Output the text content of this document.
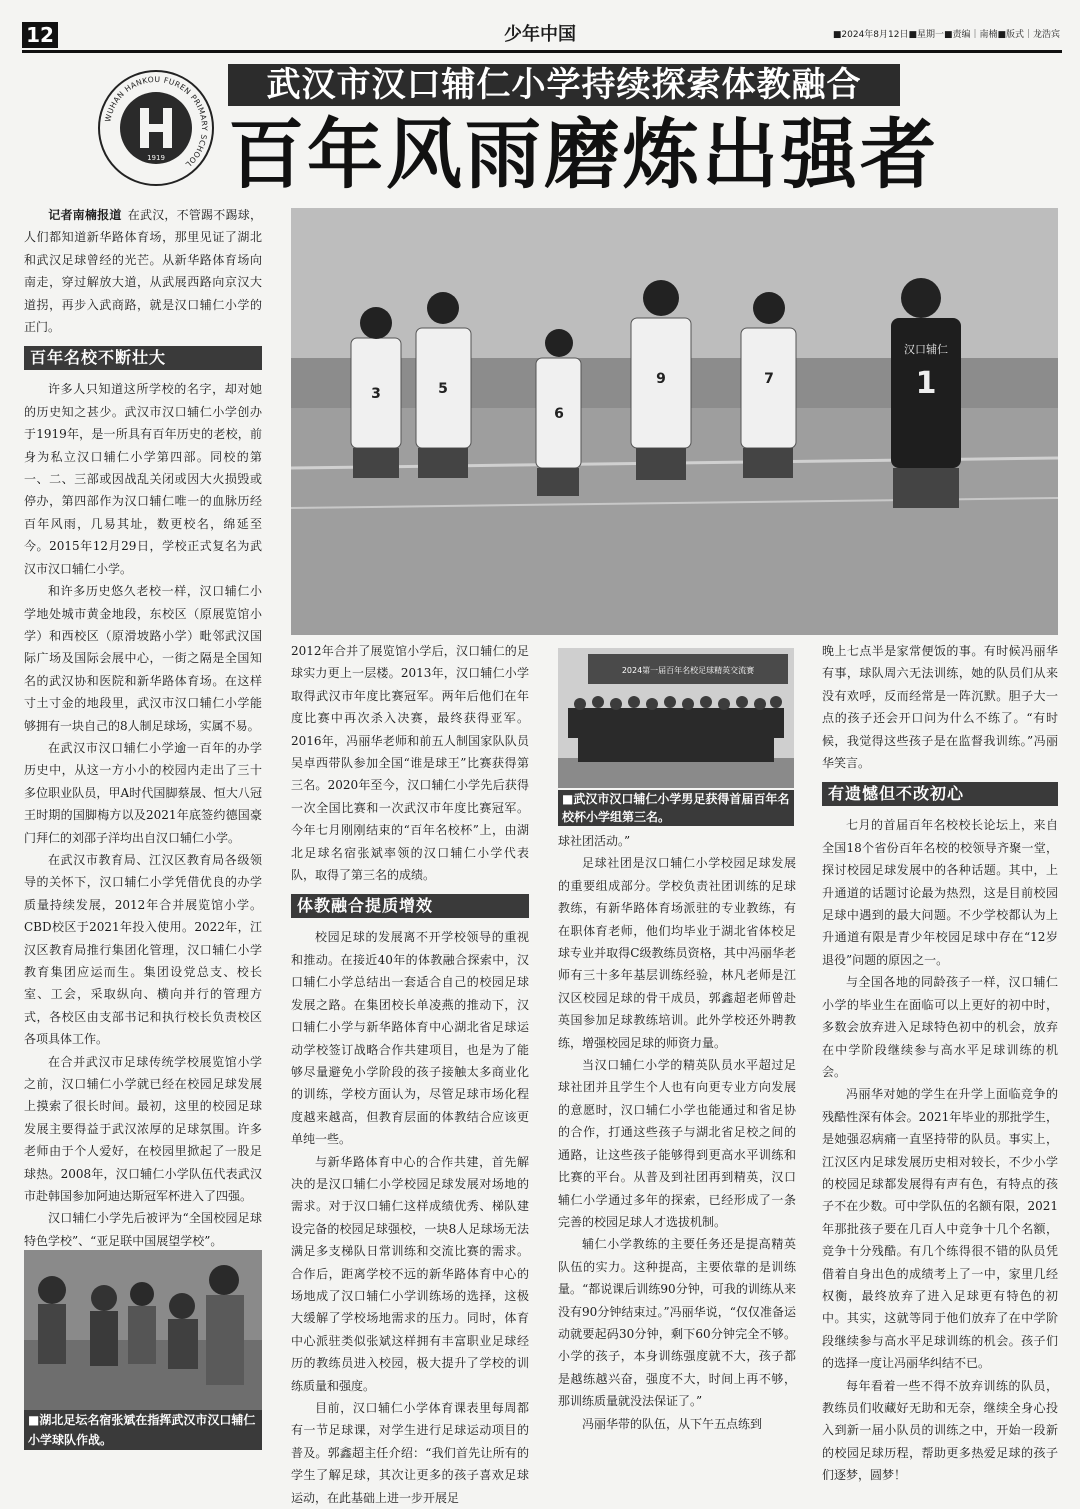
12	少年中国	■2024年8月12日■星期一■责编｜南楠■版式｜龙浩宾
WUHAN HANKOU FUREN PRIMARY SCHOOL
1919
武汉市汉口辅仁小学持续探索体教融合
百年风雨磨炼出强者

  记者南楠报道  在武汉，不管踢不踢球，人们都知道新华路体育场，那里见证了湖北和武汉足球曾经的光芒。从新华路体育场向南走，穿过解放大道，从武展西路向京汉大道拐，再步入武商路，就是汉口辅仁小学的正门。

百年名校不断壮大

许多人只知道这所学校的名字，却对她的历史知之甚少。武汉市汉口辅仁小学创办于1919年，是一所具有百年历史的老校，前身为私立汉口辅仁小学第四部。同校的第一、二、三部或因战乱关闭或因大火损毁或停办，第四部作为汉口辅仁唯一的血脉历经百年风雨，几易其址，数更校名，绵延至今。2015年12月29日，学校正式复名为武汉市汉口辅仁小学。

和许多历史悠久老校一样，汉口辅仁小学地处城市黄金地段，东校区（原展览馆小学）和西校区（原滑坡路小学）毗邻武汉国际广场及国际会展中心，一街之隔是全国知名的武汉协和医院和新华路体育场。在这样寸土寸金的地段里，武汉市汉口辅仁小学能够拥有一块自己的8人制足球场，实属不易。

在武汉市汉口辅仁小学逾一百年的办学历史中，从这一方小小的校园内走出了三十多位职业队员，甲A时代国脚蔡晟、恒大八冠王时期的国脚梅方以及2021年底签约德国豪门拜仁的刘邵子洋均出自汉口辅仁小学。

在武汉市教育局、江汉区教育局各级领导的关怀下，汉口辅仁小学凭借优良的办学质量持续发展，2012年合并展览馆小学。CBD校区于2021年投入使用。2022年，江汉区教育局推行集团化管理，汉口辅仁小学教育集团应运而生。集团设党总支、校长室、工会，采取纵向、横向并行的管理方式，各校区由支部书记和执行校长负责校区各项具体工作。

在合并武汉市足球传统学校展览馆小学之前，汉口辅仁小学就已经在校园足球发展上摸索了很长时间。最初，这里的校园足球发展主要得益于武汉浓厚的足球氛围。许多老师由于个人爱好，在校园里掀起了一股足球热。2008年，汉口辅仁小学队伍代表武汉市赴韩国参加阿迪达斯冠军杯进入了四强。

汉口辅仁小学先后被评为“全国校园足球特色学校”、“亚足联中国展望学校”。

■湖北足坛名宿张斌在指挥武汉市汉口辅仁小学球队作战。
3	5
6
9	7
汉口辅仁
1

2012年合并了展览馆小学后，汉口辅仁的足球实力更上一层楼。2013年，汉口辅仁小学取得武汉市年度比赛冠军。两年后他们在年度比赛中再次杀入决赛，最终获得亚军。2016年，冯丽华老师和前五人制国家队队员吴卓西带队参加全国“谁是球王”比赛获得第三名。2020年至今，汉口辅仁小学先后获得一次全国比赛和一次武汉市年度比赛冠军。今年七月刚刚结束的“百年名校杯”上，由湖北足球名宿张斌率领的汉口辅仁小学代表队，取得了第三名的成绩。

体教融合提质增效

校园足球的发展离不开学校领导的重视和推动。在接近40年的体教融合探索中，汉口辅仁小学总结出一套适合自己的校园足球发展之路。在集团校长单凌燕的推动下，汉口辅仁小学与新华路体育中心湖北省足球运动学校签订战略合作共建项目，也是为了能够尽量避免小学阶段的孩子接触太多商业化的训练，学校方面认为，尽管足球市场化程度越来越高，但教育层面的体教结合应该更单纯一些。

与新华路体育中心的合作共建，首先解决的是汉口辅仁小学校园足球发展对场地的需求。对于汉口辅仁这样成绩优秀、梯队建设完备的校园足球强校，一块8人足球场无法满足多支梯队日常训练和交流比赛的需求。合作后，距离学校不远的新华路体育中心的场地成了汉口辅仁小学训练场的选择，这极大缓解了学校场地需求的压力。同时，体育中心派驻类似张斌这样拥有丰富职业足球经历的教练员进入校园，极大提升了学校的训练质量和强度。

目前，汉口辅仁小学体育课表里每周都有一节足球课，对学生进行足球运动项目的普及。郭鑫超主任介绍：“我们首先让所有的学生了解足球，其次让更多的孩子喜欢足球运动，在此基础上进一步开展足

2024第一届百年名校足球精英交流赛
■武汉市汉口辅仁小学男足获得首届百年名校杯小学组第三名。

球社团活动。”

足球社团是汉口辅仁小学校园足球发展的重要组成部分。学校负责社团训练的足球教练，有新华路体育场派驻的专业教练，有在职体育老师，他们均毕业于湖北省体校足球专业并取得C级教练员资格，其中冯丽华老师有三十多年基层训练经验，林凡老师是江汉区校园足球的骨干成员，郭鑫超老师曾赴英国参加足球教练培训。此外学校还外聘教练，增强校园足球的师资力量。

当汉口辅仁小学的精英队员水平超过足球社团并且学生个人也有向更专业方向发展的意愿时，汉口辅仁小学也能通过和省足协的合作，打通这些孩子与湖北省足校之间的通路，让这些孩子能够得到更高水平训练和比赛的平台。从普及到社团再到精英，汉口辅仁小学通过多年的探索，已经形成了一条完善的校园足球人才选拔机制。

辅仁小学教练的主要任务还是提高精英队伍的实力。这种提高，主要依靠的是训练量。“都说课后训练90分钟，可我的训练从来没有90分钟结束过。”冯丽华说，“仅仅准备运动就要起码30分钟，剩下60分钟完全不够。小学的孩子，本身训练强度就不大，孩子都是越练越兴奋，强度不大，时间上再不够，那训练质量就没法保证了。”

冯丽华带的队伍，从下午五点练到

晚上七点半是家常便饭的事。有时候冯丽华有事，球队周六无法训练，她的队员们从来没有欢呼，反而经常是一阵沉默。胆子大一点的孩子还会开口问为什么不练了。“有时候，我觉得这些孩子是在监督我训练。”冯丽华笑言。

有遗憾但不改初心

七月的首届百年名校校长论坛上，来自全国18个省份百年名校的校领导齐聚一堂，探讨校园足球发展中的各种话题。其中，上升通道的话题讨论最为热烈，这是目前校园足球中遇到的最大问题。不少学校都认为上升通道有限是青少年校园足球中存在“12岁退役”问题的原因之一。

与全国各地的同龄孩子一样，汉口辅仁小学的毕业生在面临可以上更好的初中时，多数会放弃进入足球特色初中的机会，放弃在中学阶段继续参与高水平足球训练的机会。

冯丽华对她的学生在升学上面临竞争的残酷性深有体会。2021年毕业的那批学生，是她强忍病痛一直坚持带的队员。事实上，江汉区内足球发展历史相对较长，不少小学的校园足球都发展得有声有色，有特点的孩子不在少数。可中学队伍的名额有限，2021年那批孩子要在几百人中竞争十几个名额，竞争十分残酷。有几个练得很不错的队员凭借着自身出色的成绩考上了一中，家里几经权衡，最终放弃了进入足球更有特色的初中。其实，这就等同于他们放弃了在中学阶段继续参与高水平足球训练的机会。孩子们的选择一度让冯丽华纠结不已。

每年看着一些不得不放弃训练的队员，教练员们收藏好无助和无奈，继续全身心投入到新一届小队员的训练之中，开始一段新的校园足球历程，帮助更多热爱足球的孩子们逐梦，圆梦！
